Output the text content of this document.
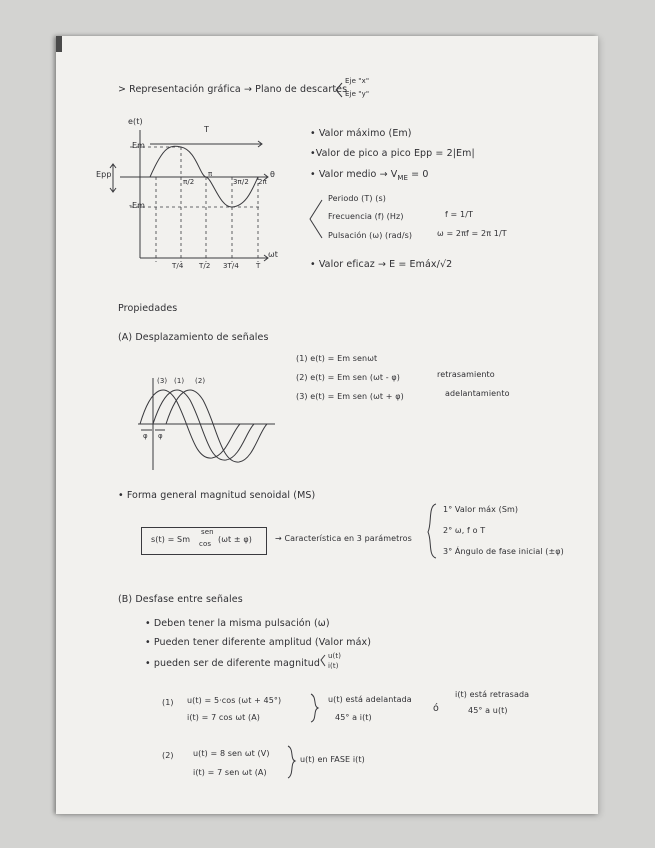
> Representación gráfica → Plano de descartes
Eje "x"
Eje "y"
e(t)
T
Em
-Em
Epp
π/2
π
3π/2 2π
θ
ωt
T/4 T/2 3T/4 T
• Valor máximo (Em)
•Valor de pico a pico Epp = 2|Em|
• Valor medio → $V_{ME} = 0$
Periodo (T) (s)
Frecuencia (f) (Hz)	f = 1/T
Pulsación (ω) (rad/s)	ω = 2πf = 2π 1/T
• Valor eficaz → E = Emáx/√2
Propiedades
(A) Desplazamiento de señales
(3) (1) (2)
φ φ
(1) e(t) = Em senωt
(2) e(t) = Em sen (ωt - φ)	retrasamiento
(3) e(t) = Em sen (ωt + φ)	adelantamiento
• Forma general magnitud senoidal (MS)
s(t) = Sm
sen
cos (ωt ± φ)	→ Característica en 3 parámetros
1° Valor máx (Sm)
2° ω, f o T
3° Ángulo de fase inicial (±φ)
(B) Desfase entre señales
• Deben tener la misma pulsación (ω)
• Pueden tener diferente amplitud (Valor máx)
• pueden ser de diferente magnitud
u(t)
i(t)
(1) u(t) = 5·cos (ωt + 45°)
i(t) = 7 cos ωt (A)
u(t) está adelantada
45° a i(t)
ó
i(t) está retrasada
45° a u(t)
(2) u(t) = 8 sen ωt (V)
i(t) = 7 sen ωt (A)
u(t) en FASE i(t)
